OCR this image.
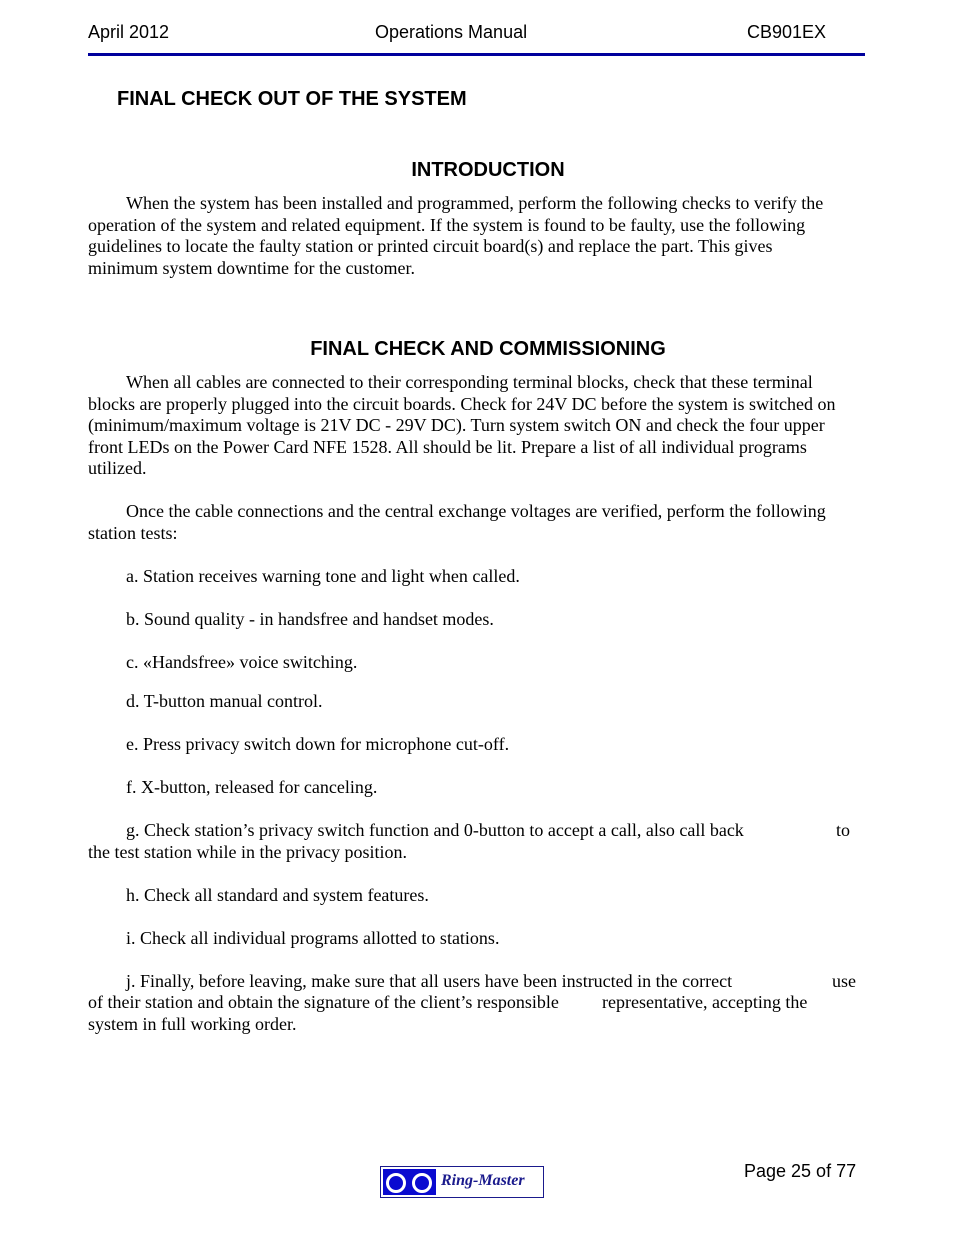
April 2012	Operations Manual	CB901EX
FINAL CHECK OUT OF THE SYSTEM
INTRODUCTION
When the system has been installed and programmed, perform the following checks to verify the
operation of the system and related equipment. If the system is found to be faulty, use the following
guidelines to locate the faulty station or printed circuit board(s) and replace the part. This gives
minimum system downtime for the customer.
FINAL CHECK AND COMMISSIONING
When all cables are connected to their corresponding terminal blocks, check that these terminal
blocks are properly plugged into the circuit boards. Check for 24V DC before the system is switched on
(minimum/maximum voltage is 21V DC - 29V DC). Turn system switch ON and check the four upper
front LEDs on the Power Card NFE 1528. All should be lit. Prepare a list of all individual programs
utilized.
Once the cable connections and the central exchange voltages are verified, perform the following
station tests:
a. Station receives warning tone and light when called.
b. Sound quality - in handsfree and handset modes.
c. «Handsfree» voice switching.
d. T-button manual control.
e. Press privacy switch down for microphone cut-off.
f. X-button, released for canceling.
g. Check station’s privacy switch function and 0-button to accept a call, also call back	to
the test station while in the privacy position.
h. Check all standard and system features.
i. Check all individual programs allotted to stations.
j. Finally, before leaving, make sure that all users have been instructed in the correct	use
of their station and obtain the signature of the client’s responsible representative, accepting the
system in full working order.
Ring-Master	Page 25 of 77
